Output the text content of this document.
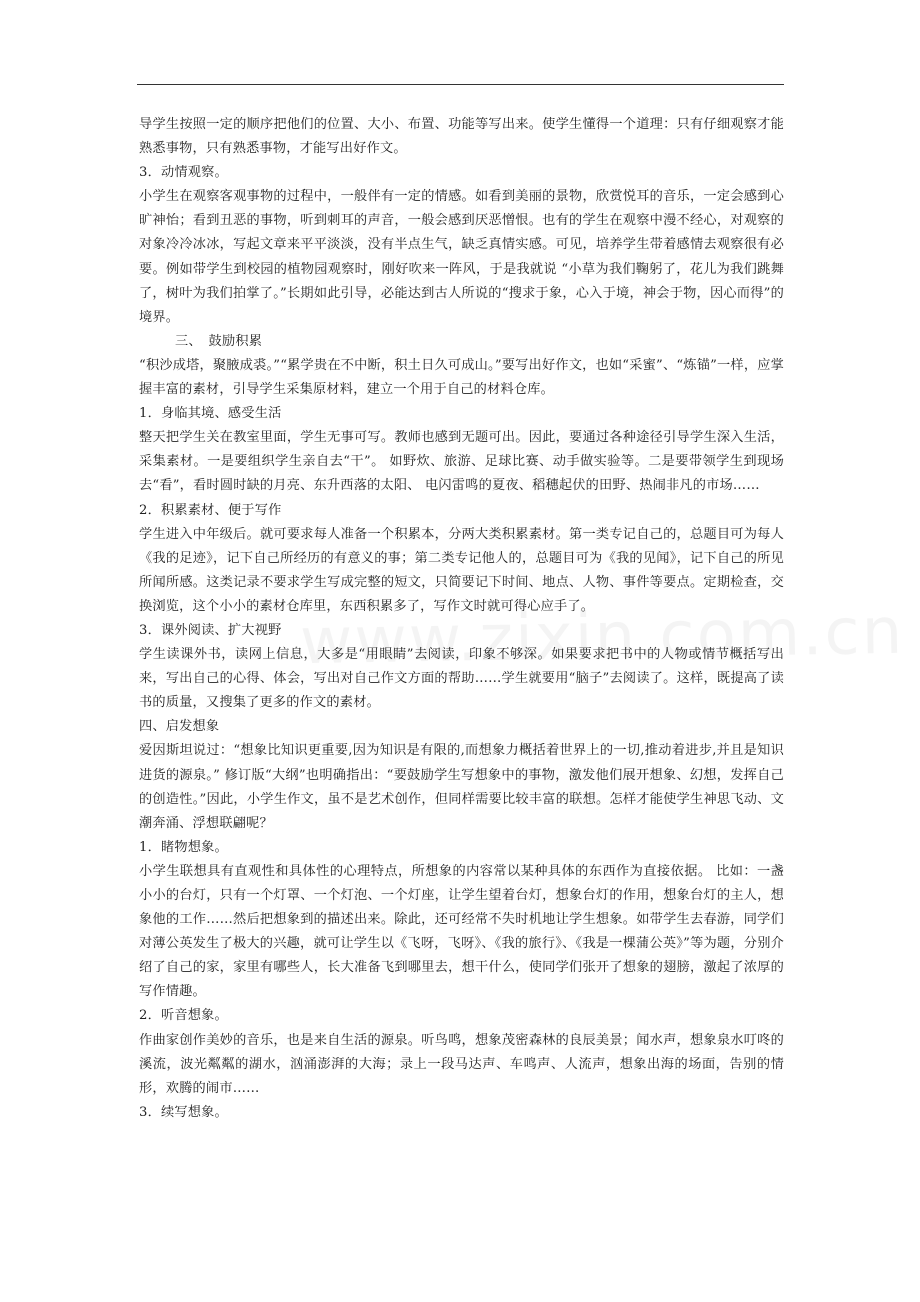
导学生按照一定的顺序把他们的位置、大小、布置、功能等写出来。使学生懂得一个道理：只有仔细观察才能熟悉事物，只有熟悉事物，才能写出好作文。

3．动情观察。

小学生在观察客观事物的过程中，一般伴有一定的情感。如看到美丽的景物，欣赏悦耳的音乐，一定会感到心旷神怡；看到丑恶的事物，听到刺耳的声音，一般会感到厌恶憎恨。也有的学生在观察中漫不经心，对观察的对象冷冷冰冰，写起文章来平平淡淡，没有半点生气，缺乏真情实感。可见，培养学生带着感情去观察很有必要。例如带学生到校园的植物园观察时，刚好吹来一阵风，于是我就说 “小草为我们鞠躬了，花儿为我们跳舞了，树叶为我们拍掌了。”长期如此引导，必能达到古人所说的“搜求于象，心入于境，神会于物，因心而得”的境界。

三、　鼓励积累

“积沙成塔，聚腋成裘。”“累学贵在不中断，积土日久可成山。”要写出好作文，也如“采蜜”、“炼锚”一样，应掌握丰富的素材，引导学生采集原材料，建立一个用于自己的材料仓库。

1．身临其境、感受生活

整天把学生关在教室里面，学生无事可写。教师也感到无题可出。因此，要通过各种途径引导学生深入生活，采集素材。一是要组织学生亲自去“干”。 如野炊、旅游、足球比赛、动手做实验等。二是要带领学生到现场去“看”，看时圆时缺的月亮、东升西落的太阳、 电闪雷鸣的夏夜、稻穗起伏的田野、热闹非凡的市场……

2．积累素材、便于写作

学生进入中年级后。就可要求每人准备一个积累本，分两大类积累素材。第一类专记自己的，总题目可为每人《我的足迹》，记下自己所经历的有意义的事；第二类专记他人的，总题目可为《我的见闻》，记下自己的所见所闻所感。这类记录不要求学生写成完整的短文，只简要记下时间、地点、人物、事件等要点。定期检查，交换浏览，这个小小的素材仓库里，东西积累多了，写作文时就可得心应手了。

3．课外阅读、扩大视野

学生读课外书，读网上信息，大多是“用眼睛”去阅读，印象不够深。如果要求把书中的人物或情节概括写出来，写出自己的心得、体会，写出对自己作文方面的帮助……学生就要用“脑子”去阅读了。这样，既提高了读书的质量，又搜集了更多的作文的素材。

四、启发想象

爱因斯坦说过：“想象比知识更重要,因为知识是有限的,而想象力概括着世界上的一切,推动着进步,并且是知识进货的源泉。” 修订版“大纲”也明确指出：“要鼓励学生写想象中的事物，激发他们展开想象、幻想，发挥自己的创造性。”因此，小学生作文，虽不是艺术创作，但同样需要比较丰富的联想。怎样才能使学生神思飞动、文潮奔涌、浮想联翩呢？

1．睹物想象。

小学生联想具有直观性和具体性的心理特点，所想象的内容常以某种具体的东西作为直接依据。 比如：一盏小小的台灯，只有一个灯罩、一个灯泡、一个灯座，让学生望着台灯，想象台灯的作用，想象台灯的主人，想象他的工作……然后把想象到的描述出来。除此，还可经常不失时机地让学生想象。如带学生去春游，同学们对薄公英发生了极大的兴趣，就可让学生以《飞呀，飞呀》、《我的旅行》、《我是一棵蒲公英》”等为题，分别介绍了自己的家，家里有哪些人，长大准备飞到哪里去，想干什么，使同学们张开了想象的翅膀，激起了浓厚的写作情趣。

2．听音想象。

作曲家创作美妙的音乐，也是来自生活的源泉。听鸟鸣，想象茂密森林的良辰美景；闻水声，想象泉水叮咚的溪流，波光粼粼的湖水，汹涌澎湃的大海；录上一段马达声、车鸣声、人流声，想象出海的场面，告别的情形，欢腾的闹市……

3．续写想象。
